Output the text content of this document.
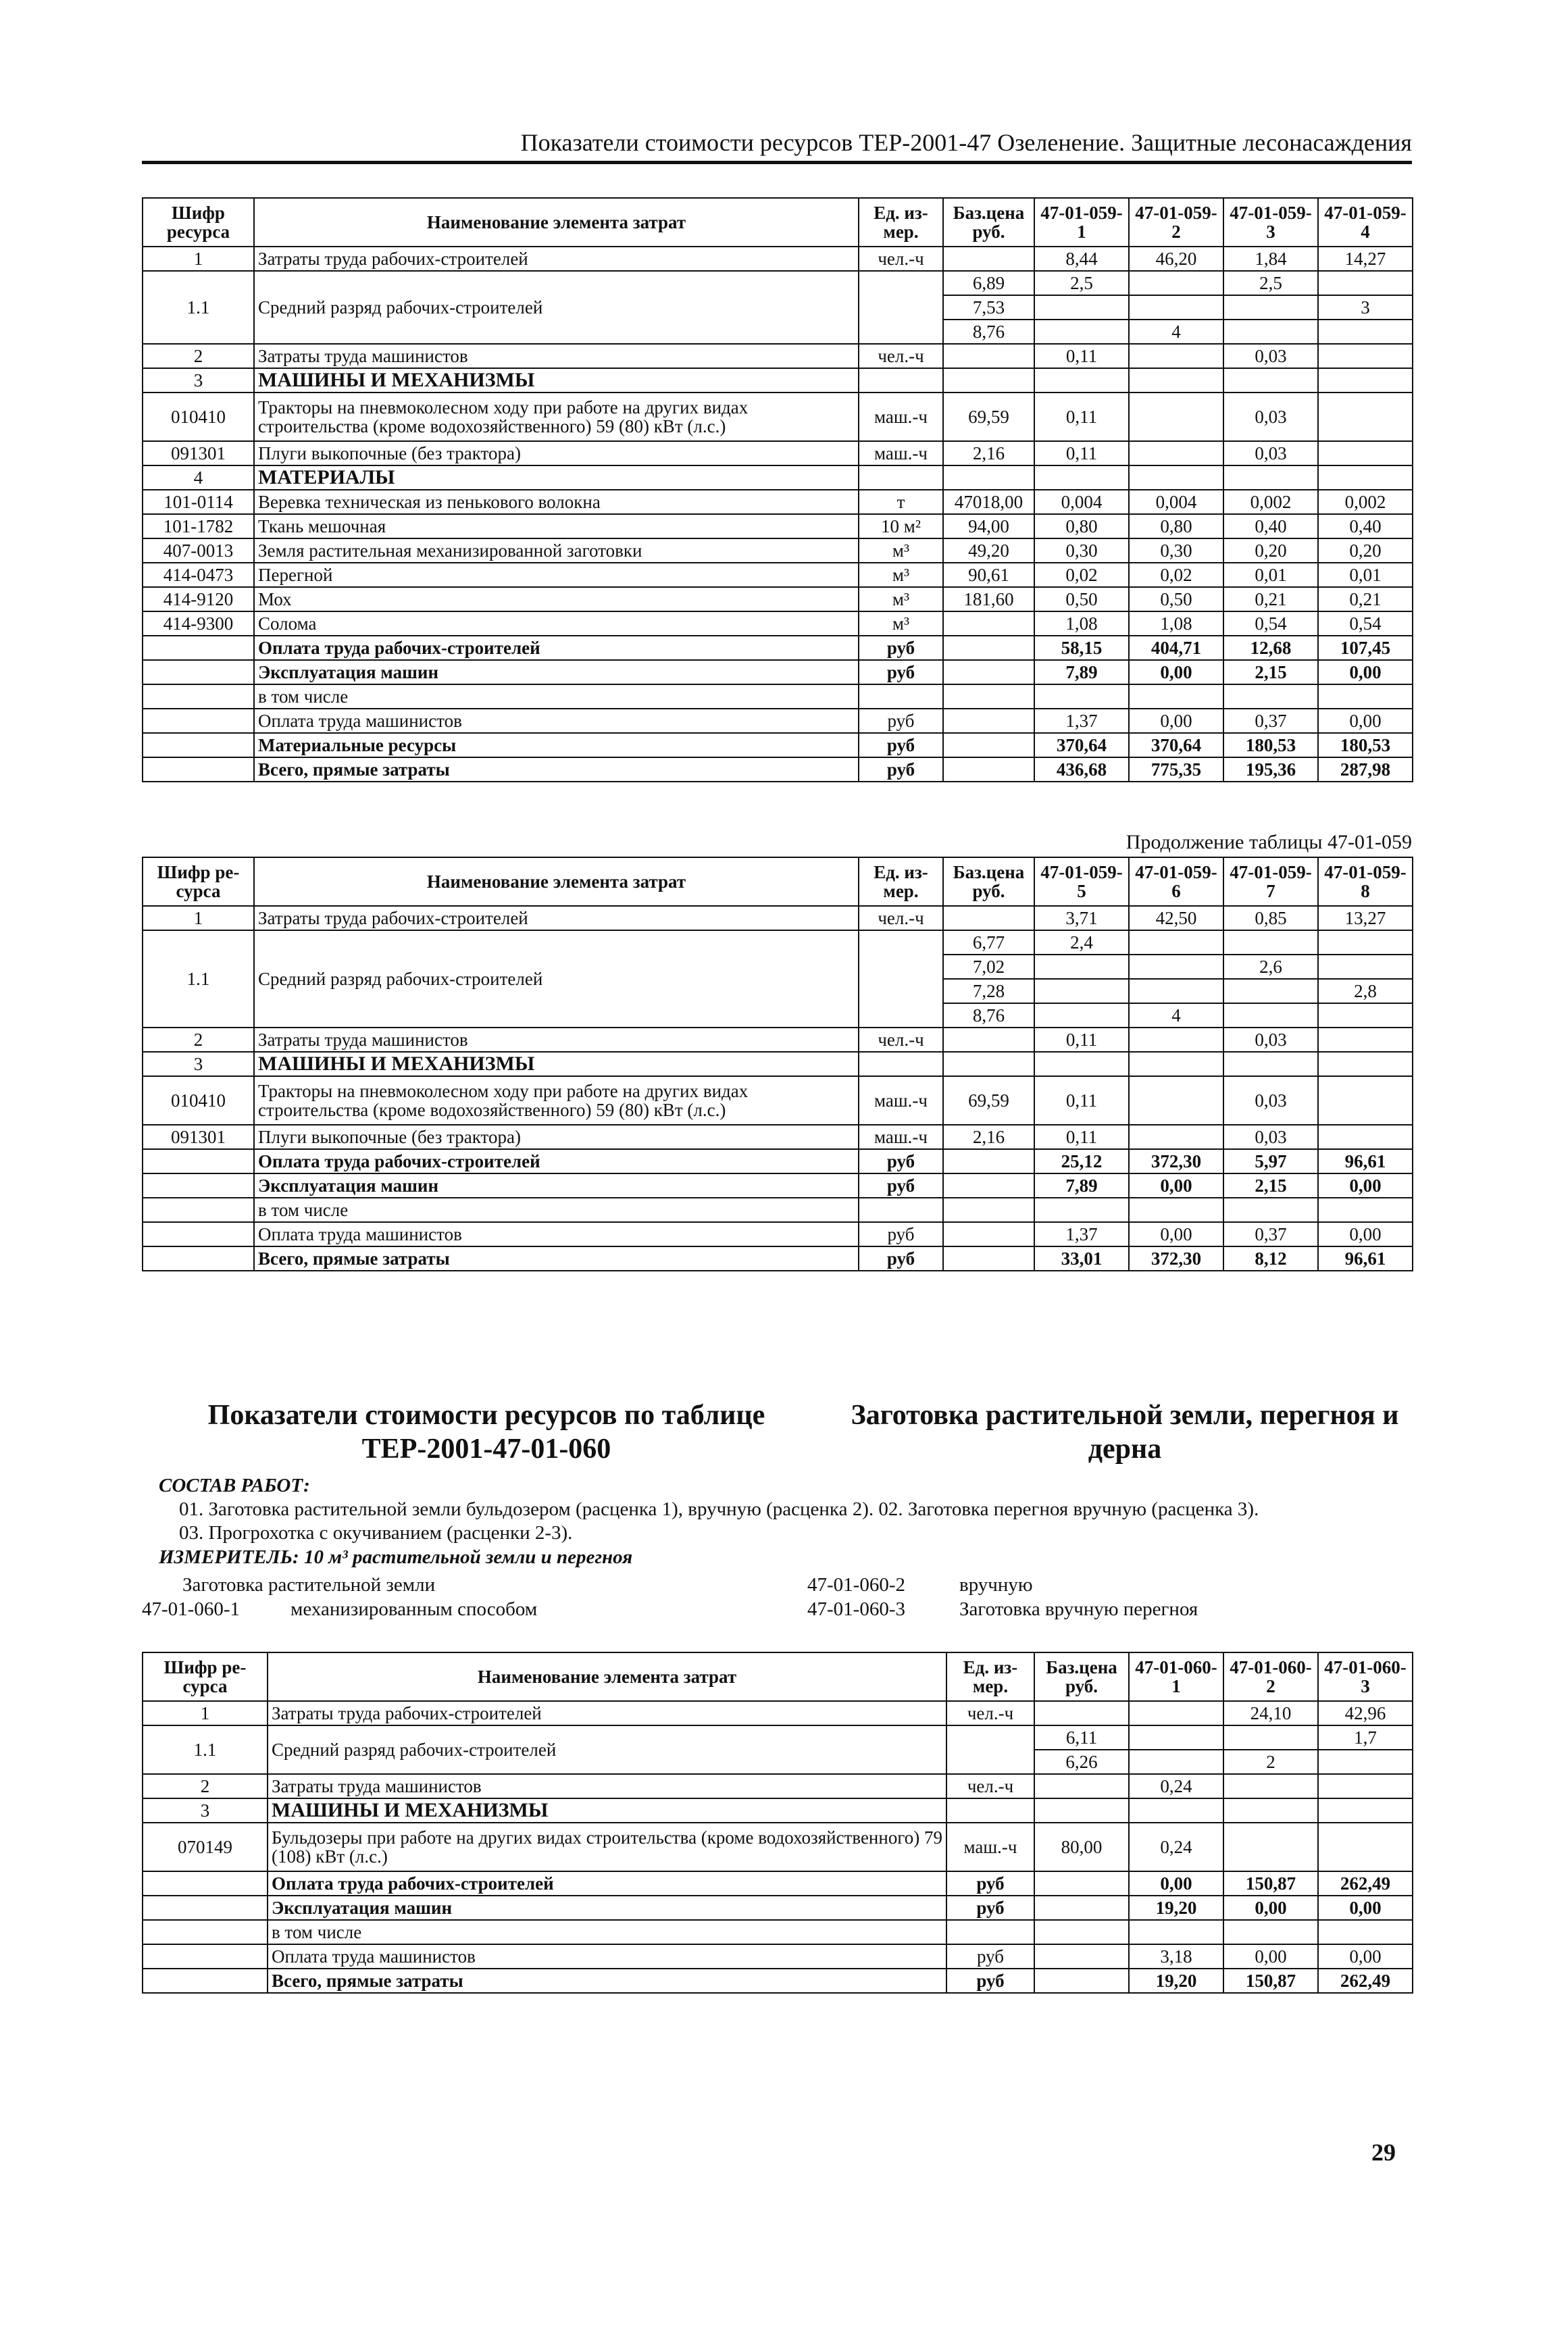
Показатели стоимости ресурсов ТЕР-2001-47 Озеленение. Защитные лесонасаждения
Шифр ресурса	Наименование элемента затрат	Ед. из-мер.	Баз.цена руб.	47-01-059-1	47-01-059-2	47-01-059-3	47-01-059-4
1	Затраты труда рабочих-строителей	чел.-ч		8,44	46,20	1,84	14,27
1.1	Средний разряд рабочих-строителей		6,89	2,5		2,5	
			7,53				3
			8,76		4		
2	Затраты труда машинистов	чел.-ч		0,11		0,03	
3	МАШИНЫ И МЕХАНИЗМЫ						
010410	Тракторы на пневмоколесном ходу при работе на других видах строительства (кроме водохозяйственного) 59 (80) кВт (л.с.)	маш.-ч	69,59	0,11		0,03	
091301	Плуги выкопочные (без трактора)	маш.-ч	2,16	0,11		0,03	
4	МАТЕРИАЛЫ						
101-0114	Веревка техническая из пенькового волокна	т	47018,00	0,004	0,004	0,002	0,002
101-1782	Ткань мешочная	10 м²	94,00	0,80	0,80	0,40	0,40
407-0013	Земля растительная механизированной заготовки	м³	49,20	0,30	0,30	0,20	0,20
414-0473	Перегной	м³	90,61	0,02	0,02	0,01	0,01
414-9120	Мох	м³	181,60	0,50	0,50	0,21	0,21
414-9300	Солома	м³		1,08	1,08	0,54	0,54
	Оплата труда рабочих-строителей	руб		58,15	404,71	12,68	107,45
	Эксплуатация машин	руб		7,89	0,00	2,15	0,00
	в том числе						
	Оплата труда машинистов	руб		1,37	0,00	0,37	0,00
	Материальные ресурсы	руб		370,64	370,64	180,53	180,53
	Всего, прямые затраты	руб		436,68	775,35	195,36	287,98
Продолжение таблицы 47-01-059
Шифр ре-сурса	Наименование элемента затрат	Ед. из-мер.	Баз.цена руб.	47-01-059-5	47-01-059-6	47-01-059-7	47-01-059-8
1	Затраты труда рабочих-строителей	чел.-ч		3,71	42,50	0,85	13,27
1.1	Средний разряд рабочих-строителей		6,77	2,4			
			7,02			2,6	
			7,28				2,8
			8,76		4		
2	Затраты труда машинистов	чел.-ч		0,11		0,03	
3	МАШИНЫ И МЕХАНИЗМЫ						
010410	Тракторы на пневмоколесном ходу при работе на других видах строительства (кроме водохозяйственного) 59 (80) кВт (л.с.)	маш.-ч	69,59	0,11		0,03	
091301	Плуги выкопочные (без трактора)	маш.-ч	2,16	0,11		0,03	
	Оплата труда рабочих-строителей	руб		25,12	372,30	5,97	96,61
	Эксплуатация машин	руб		7,89	0,00	2,15	0,00
	в том числе						
	Оплата труда машинистов	руб		1,37	0,00	0,37	0,00
	Всего, прямые затраты	руб		33,01	372,30	8,12	96,61
Показатели стоимости ресурсов по таблице ТЕР-2001-47-01-060
Заготовка растительной земли, перегноя и дерна
СОСТАВ РАБОТ:
01. Заготовка растительной земли бульдозером (расценка 1), вручную (расценка 2). 02. Заготовка перегноя вручную (расценка 3).
03. Прогрохотка с окучиванием (расценки 2-3).
ИЗМЕРИТЕЛЬ: 10 м³ растительной земли и перегноя
Заготовка растительной земли
47-01-060-1	механизированным способом
47-01-060-2	вручную
47-01-060-3	Заготовка вручную перегноя
Шифр ре-сурса	Наименование элемента затрат	Ед. из-мер.	Баз.цена руб.	47-01-060-1	47-01-060-2	47-01-060-3
1	Затраты труда рабочих-строителей	чел.-ч			24,10	42,96
1.1	Средний разряд рабочих-строителей		6,11			1,7
			6,26		2	
2	Затраты труда машинистов	чел.-ч		0,24		
3	МАШИНЫ И МЕХАНИЗМЫ					
070149	Бульдозеры при работе на других видах строительства (кроме водохозяйственного) 79 (108) кВт (л.с.)	маш.-ч	80,00	0,24		
	Оплата труда рабочих-строителей	руб		0,00	150,87	262,49
	Эксплуатация машин	руб		19,20	0,00	0,00
	в том числе					
	Оплата труда машинистов	руб		3,18	0,00	0,00
	Всего, прямые затраты	руб		19,20	150,87	262,49
29
